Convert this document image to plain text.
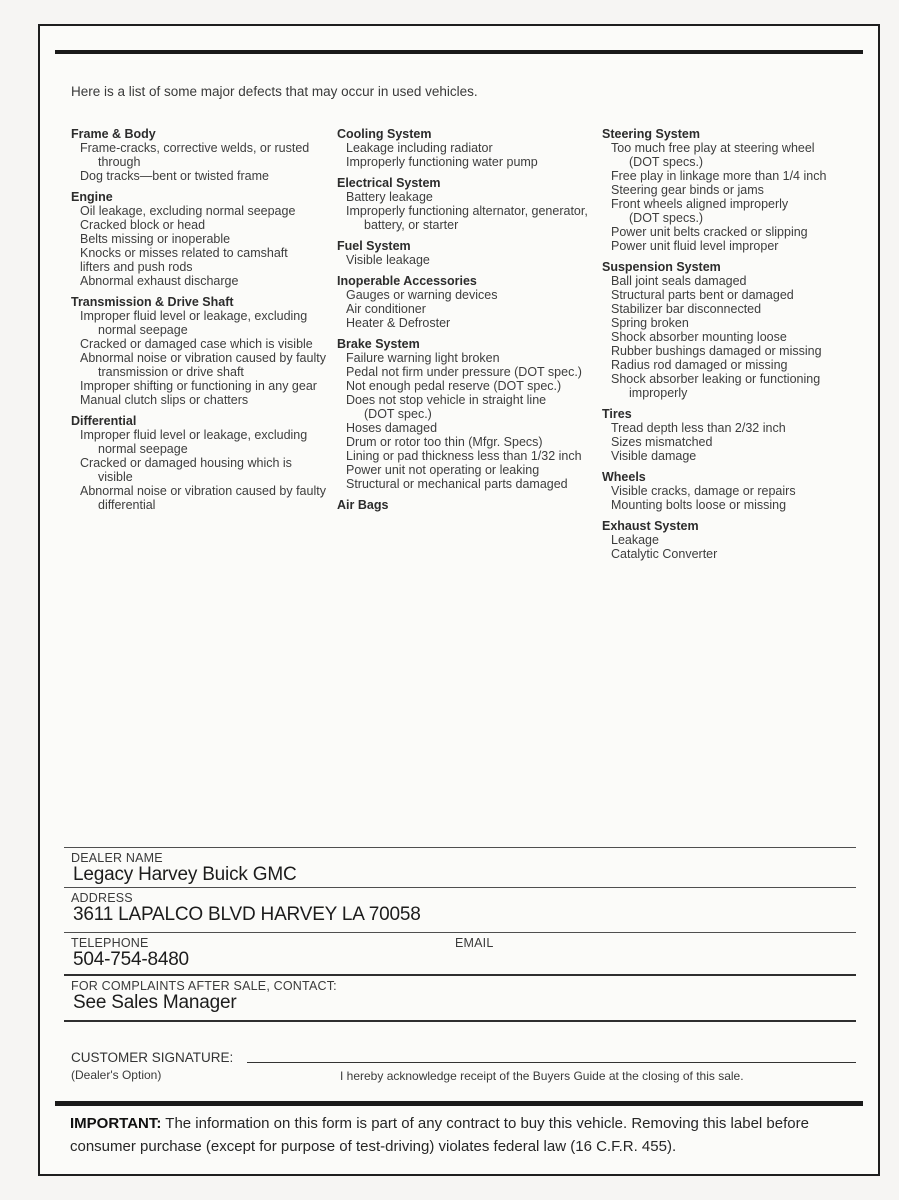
Here is a list of some major defects that may occur in used vehicles.
Frame & Body
Frame-cracks, corrective welds, or rusted
through
Dog tracks—bent or twisted frame
Engine
Oil leakage, excluding normal seepage
Cracked block or head
Belts missing or inoperable
Knocks or misses related to camshaft
lifters and push rods
Abnormal exhaust discharge
Transmission & Drive Shaft
Improper fluid level or leakage, excluding
normal seepage
Cracked or damaged case which is visible
Abnormal noise or vibration caused by faulty
transmission or drive shaft
Improper shifting or functioning in any gear
Manual clutch slips or chatters
Differential
Improper fluid level or leakage, excluding
normal seepage
Cracked or damaged housing which is
visible
Abnormal noise or vibration caused by faulty
differential
Cooling System
Leakage including radiator
Improperly functioning water pump
Electrical System
Battery leakage
Improperly functioning alternator, generator,
battery, or starter
Fuel System
Visible leakage
Inoperable Accessories
Gauges or warning devices
Air conditioner
Heater & Defroster
Brake System
Failure warning light broken
Pedal not firm under pressure (DOT spec.)
Not enough pedal reserve (DOT spec.)
Does not stop vehicle in straight line
(DOT spec.)
Hoses damaged
Drum or rotor too thin (Mfgr. Specs)
Lining or pad thickness less than 1/32 inch
Power unit not operating or leaking
Structural or mechanical parts damaged
Air Bags
Steering System
Too much free play at steering wheel
(DOT specs.)
Free play in linkage more than 1/4 inch
Steering gear binds or jams
Front wheels aligned improperly
(DOT specs.)
Power unit belts cracked or slipping
Power unit fluid level improper
Suspension System
Ball joint seals damaged
Structural parts bent or damaged
Stabilizer bar disconnected
Spring broken
Shock absorber mounting loose
Rubber bushings damaged or missing
Radius rod damaged or missing
Shock absorber leaking or functioning
improperly
Tires
Tread depth less than 2/32 inch
Sizes mismatched
Visible damage
Wheels
Visible cracks, damage or repairs
Mounting bolts loose or missing
Exhaust System
Leakage
Catalytic Converter
DEALER NAME
Legacy Harvey Buick GMC
ADDRESS
3611 LAPALCO BLVD HARVEY LA 70058
TELEPHONE	EMAIL
504-754-8480
FOR COMPLAINTS AFTER SALE, CONTACT:
See Sales Manager
CUSTOMER SIGNATURE:
(Dealer's Option)	I hereby acknowledge receipt of the Buyers Guide at the closing of this sale.
IMPORTANT: The information on this form is part of any contract to buy this vehicle. Removing this label before consumer purchase (except for purpose of test-driving) violates federal law (16 C.F.R. 455).
